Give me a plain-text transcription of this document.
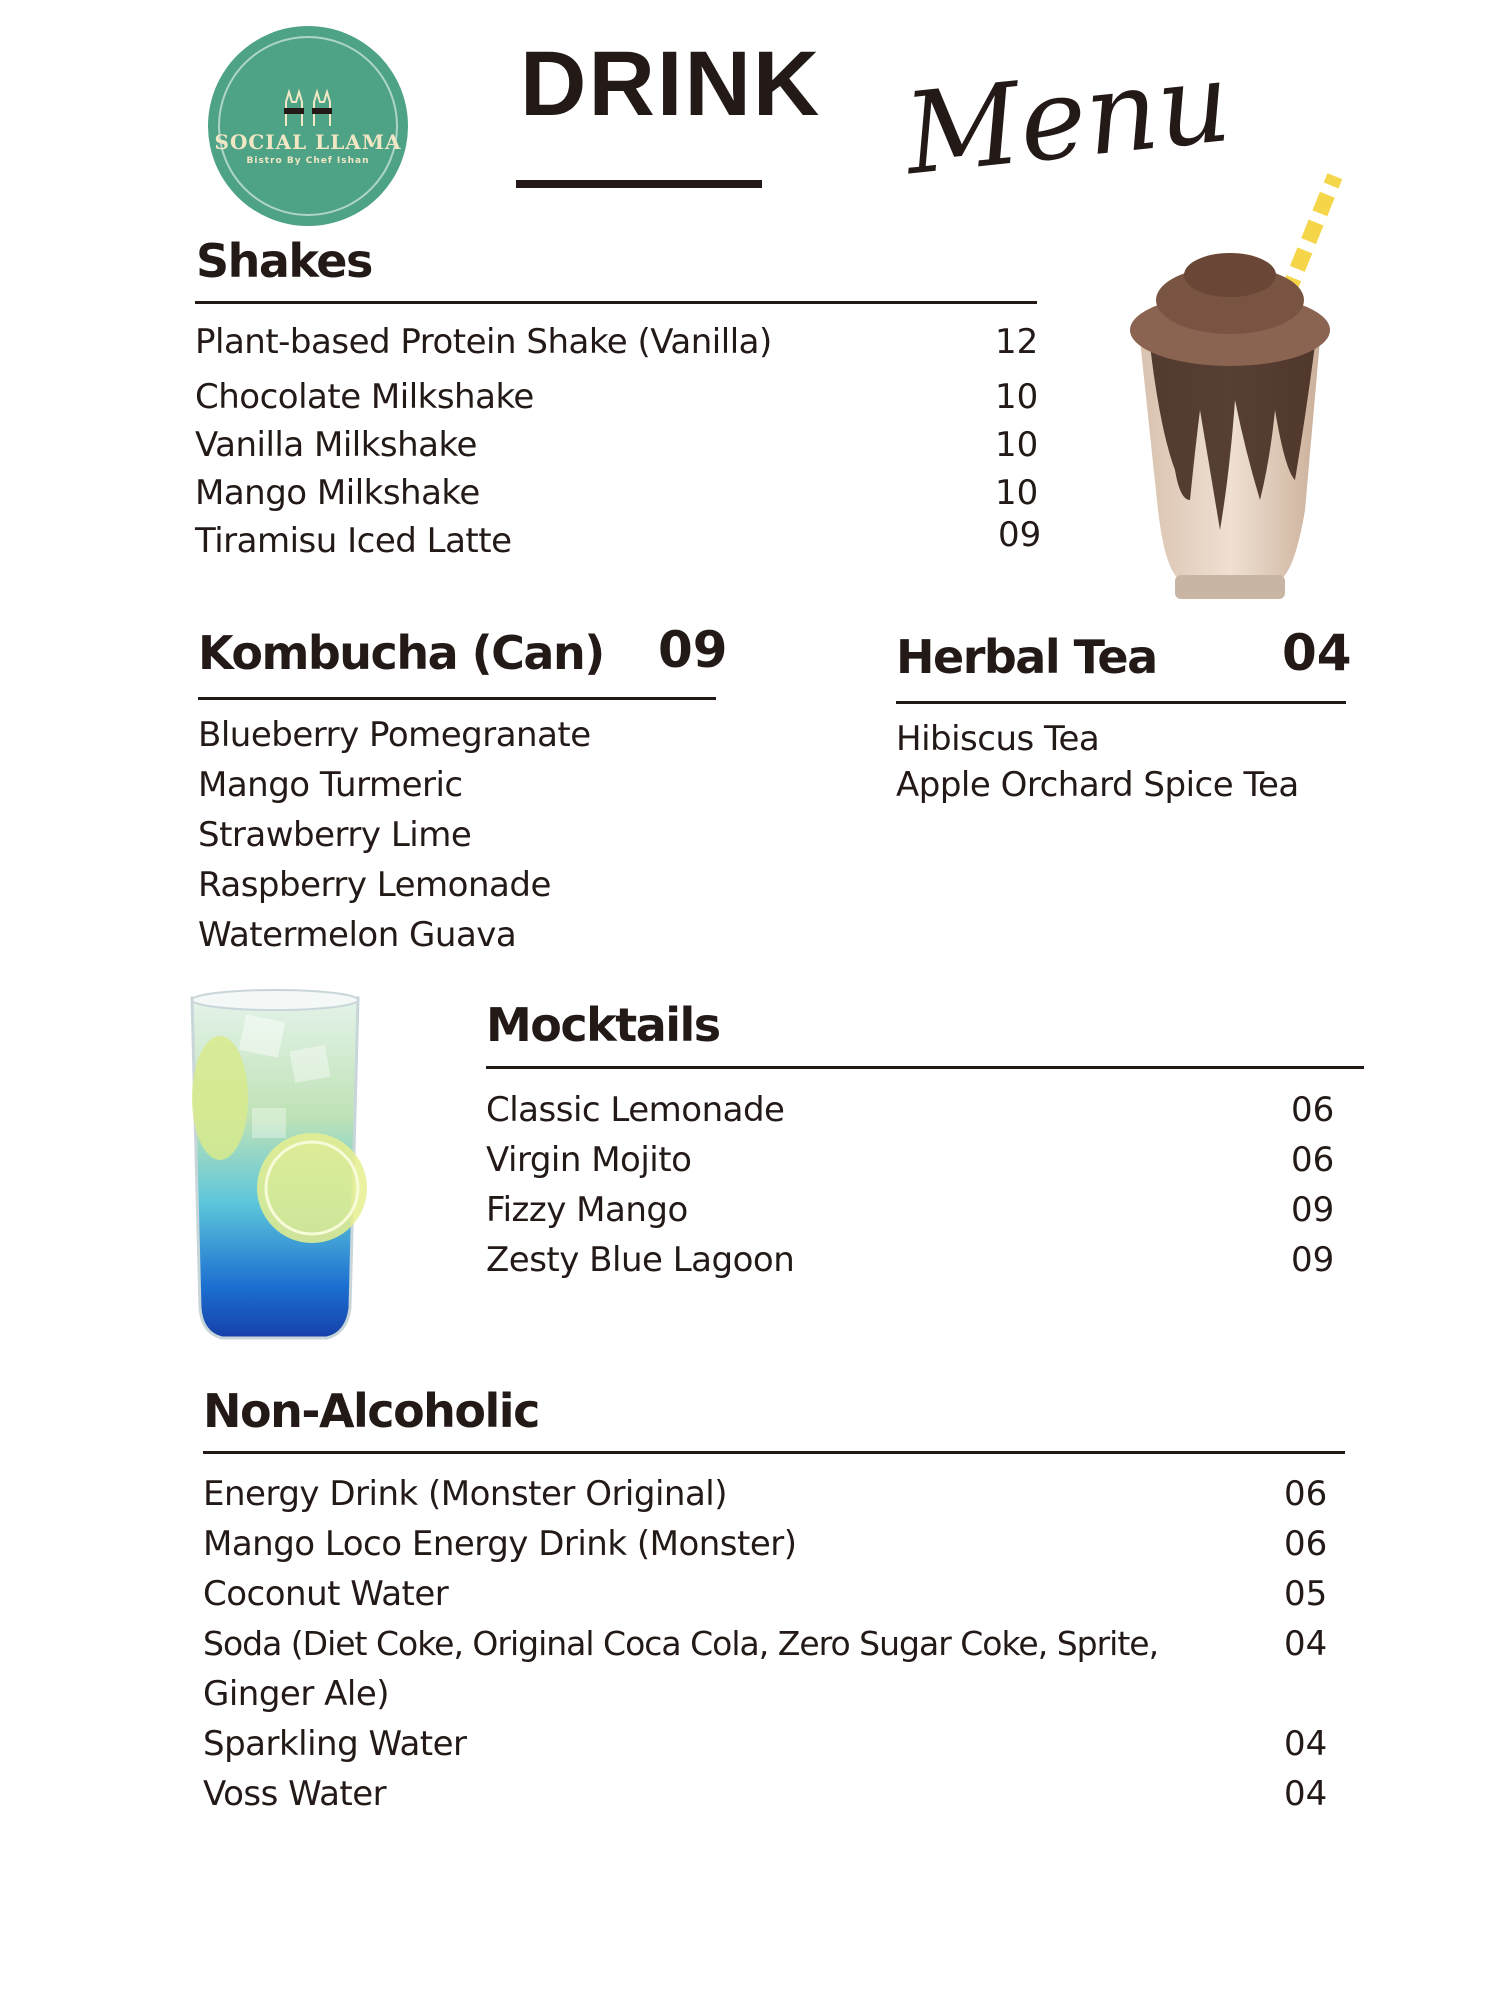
SOCIAL LLAMA
Bistro By Chef Ishan
DRINK Menu
Shakes
Plant-based Protein Shake (Vanilla)	12
Chocolate Milkshake	10
Vanilla Milkshake	10
Mango Milkshake	10
Tiramisu Iced Latte	09
Kombucha (Can) 09
Blueberry Pomegranate
Mango Turmeric
Strawberry Lime
Raspberry Lemonade
Watermelon Guava
Herbal Tea	04
Hibiscus Tea
Apple Orchard Spice Tea
Mocktails
Classic Lemonade	06
Virgin Mojito	06
Fizzy Mango	09
Zesty Blue Lagoon	09
Non-Alcoholic
Energy Drink (Monster Original)	06
Mango Loco Energy Drink (Monster)	06
Coconut Water	05
Soda (Diet Coke, Original Coca Cola, Zero Sugar Coke, Sprite,	04
Ginger Ale)
Sparkling Water	04
Voss Water	04
